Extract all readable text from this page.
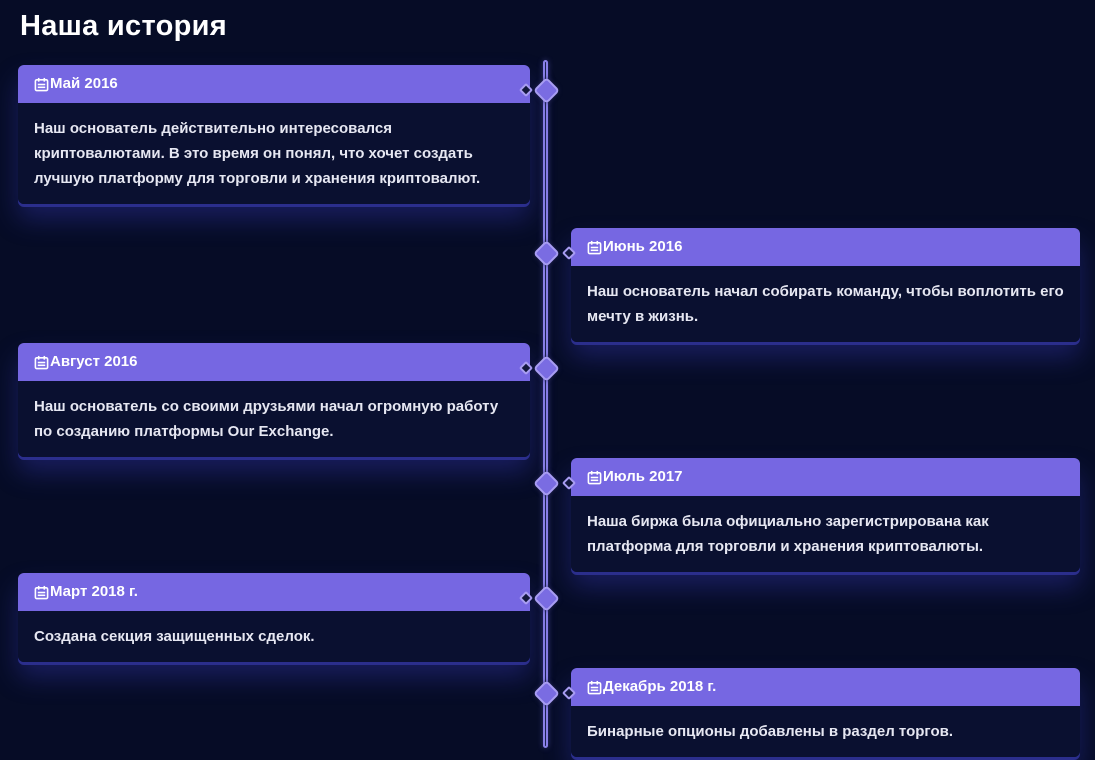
Наша история
Май 2016
Наш основатель действительно интересовался криптовалютами. В это время он понял, что хочет создать лучшую платформу для торговли и хранения криптовалют.
Июнь 2016
Наш основатель начал собирать команду, чтобы воплотить его мечту в жизнь.
Август 2016
Наш основатель со своими друзьями начал огромную работу по созданию платформы Our Exchange.
Июль 2017
Наша биржа была официально зарегистрирована как платформа для торговли и хранения криптовалюты.
Март 2018 г.
Создана секция защищенных сделок.
Декабрь 2018 г.
Бинарные опционы добавлены в раздел торгов.
